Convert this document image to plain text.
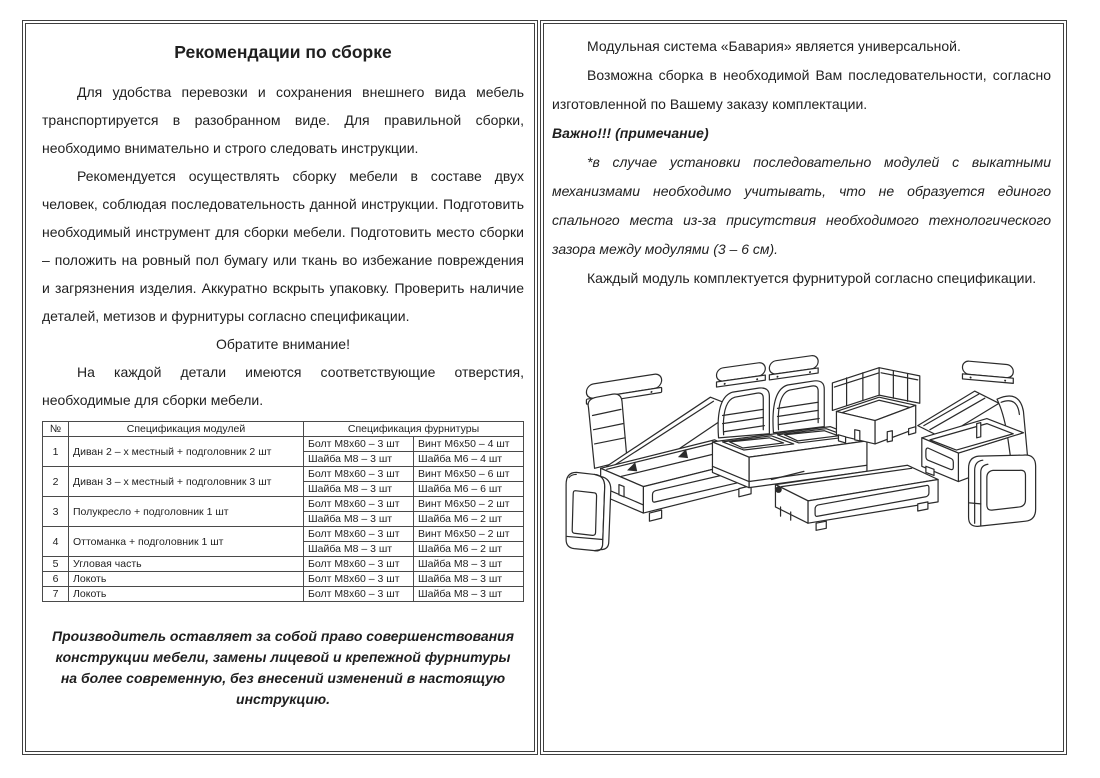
Рекомендации по сборке

Для удобства перевозки и сохранения внешнего вида мебель транспортируется в разобранном виде. Для правильной сборки, необходимо внимательно и строго следовать инструкции.

Рекомендуется осуществлять сборку мебели в составе двух человек, соблюдая последовательность данной инструкции. Подготовить необходимый инструмент для сборки мебели. Подготовить место сборки – положить на ровный пол бумагу или ткань во избежание повреждения и загрязнения изделия. Аккуратно вскрыть упаковку. Проверить наличие деталей, метизов и фурнитуры согласно спецификации.

Обратите внимание!

На каждой детали имеются соответствующие отверстия, необходимые для сборки мебели.

№	Спецификация модулей	Спецификация фурнитуры	
1	Диван 2 – х местный + подголовник 2 шт	Болт М8х60 – 3 шт	Винт М6х50 – 4 шт
		Шайба М8 – 3 шт	Шайба М6 – 4 шт
2	Диван 3 – х местный + подголовник 3 шт	Болт М8х60 – 3 шт	Винт М6х50 – 6 шт
		Шайба М8 – 3 шт	Шайба М6 – 6 шт
3	Полукресло + подголовник 1 шт	Болт М8х60 – 3 шт	Винт М6х50 – 2 шт
		Шайба М8 – 3 шт	Шайба М6 – 2 шт
4	Оттоманка + подголовник 1 шт	Болт М8х60 – 3 шт	Винт М6х50 – 2 шт
		Шайба М8 – 3 шт	Шайба М6 – 2 шт
5	Угловая часть	Болт М8х60 – 3 шт	Шайба М8 – 3 шт
6	Локоть	Болт М8х60 – 3 шт	Шайба М8 – 3 шт
7	Локоть	Болт М8х60 – 3 шт	Шайба М8 – 3 шт

Производитель оставляет за собой право совершенствования конструкции мебели, замены лицевой и крепежной фурнитуры на более современную, без внесений изменений в настоящую инструкцию.

Модульная система «Бавария» является универсальной.

Возможна сборка в необходимой Вам последовательности, согласно изготовленной по Вашему заказу комплектации.

Важно!!! (примечание)

*в случае установки последовательно модулей с выкатными механизмами необходимо учитывать, что не образуется единого спального места из-за присутствия необходимого технологического зазора между модулями (3 – 6 см).

Каждый модуль комплектуется фурнитурой согласно спецификации.
